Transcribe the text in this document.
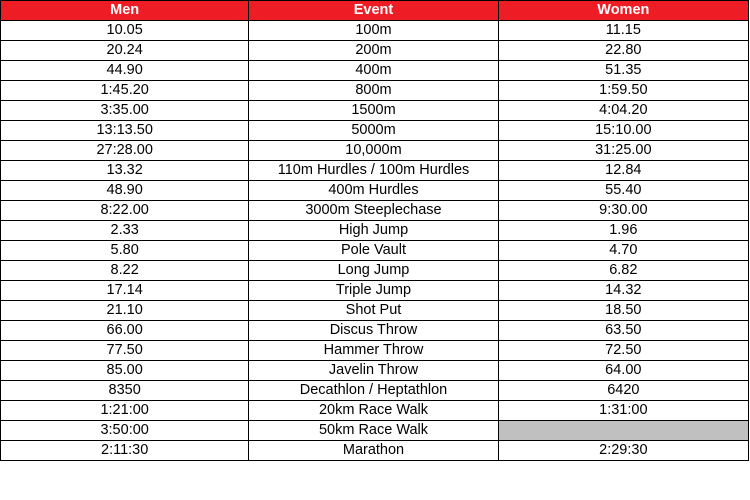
Men	Event	Women
10.05	100m	11.15
20.24	200m	22.80
44.90	400m	51.35
1:45.20	800m	1:59.50
3:35.00	1500m	4:04.20
13:13.50	5000m	15:10.00
27:28.00	10,000m	31:25.00
13.32	110m Hurdles / 100m Hurdles	12.84
48.90	400m Hurdles	55.40
8:22.00	3000m Steeplechase	9:30.00
2.33	High Jump	1.96
5.80	Pole Vault	4.70
8.22	Long Jump	6.82
17.14	Triple Jump	14.32
21.10	Shot Put	18.50
66.00	Discus Throw	63.50
77.50	Hammer Throw	72.50
85.00	Javelin Throw	64.00
8350	Decathlon / Heptathlon	6420
1:21:00	20km Race Walk	1:31:00
3:50:00	50km Race Walk	
2:11:30	Marathon	2:29:30
